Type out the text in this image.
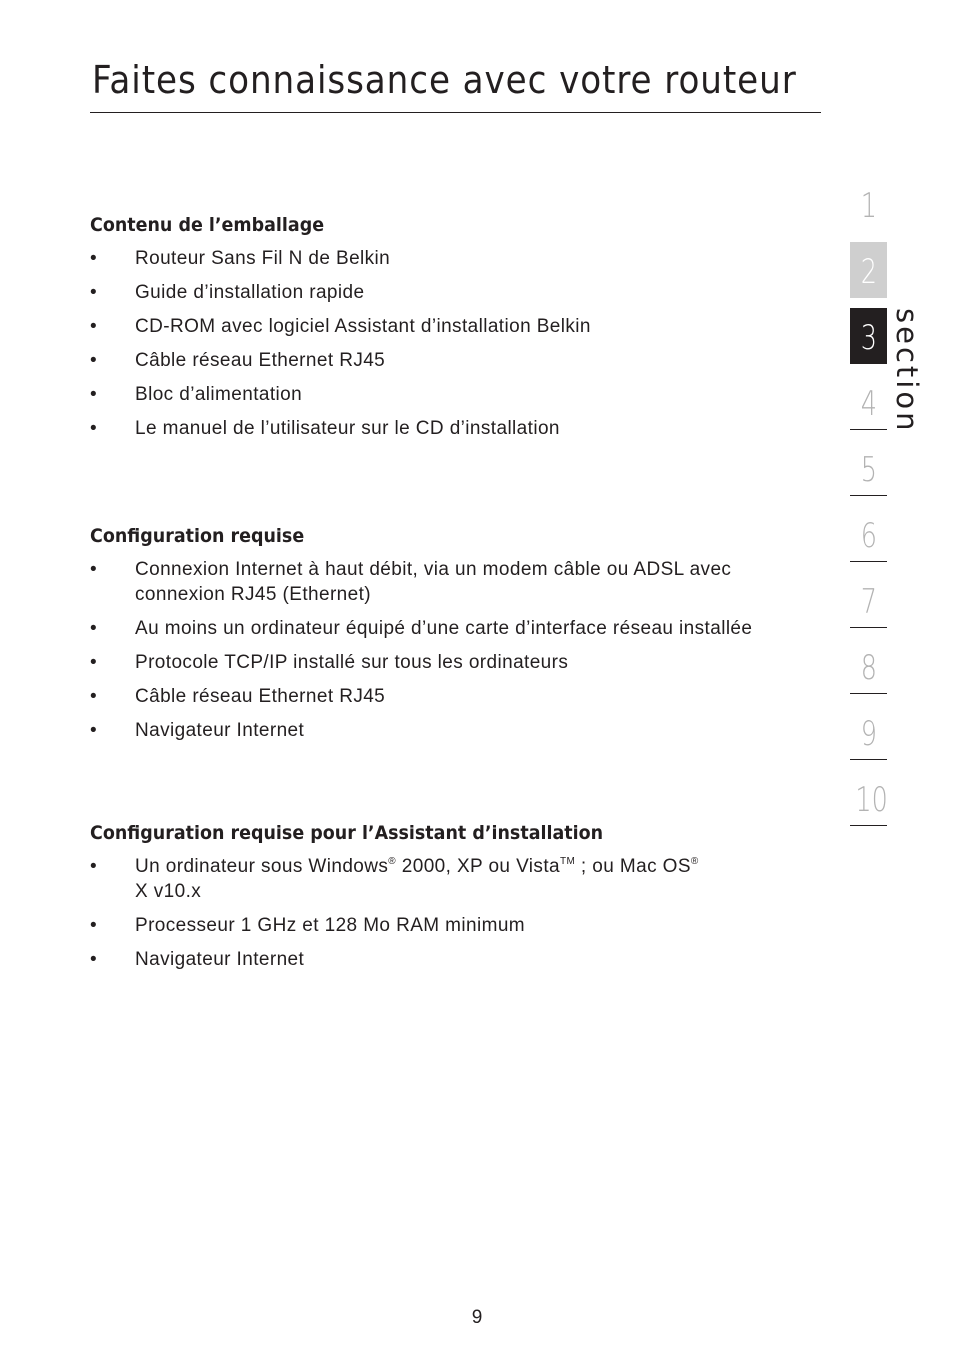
Faites connaissance avec votre routeur
Contenu de l’emballage
• Routeur Sans Fil N de Belkin
• Guide d’installation rapide
• CD-ROM avec logiciel Assistant d’installation Belkin
• Câble réseau Ethernet RJ45
• Bloc d’alimentation
• Le manuel de l’utilisateur sur le CD d’installation
Configuration requise
• Connexion Internet à haut débit, via un modem câble ou ADSL avec connexion RJ45 (Ethernet)
• Au moins un ordinateur équipé d’une carte d’interface réseau installée
• Protocole TCP/IP installé sur tous les ordinateurs
• Câble réseau Ethernet RJ45
• Navigateur Internet
Configuration requise pour l’Assistant d’installation
• Un ordinateur sous Windows® 2000, XP ou Vista™ ; ou Mac OS®
X v10.x
• Processeur 1 GHz et 128 Mo RAM minimum
• Navigateur Internet
1
2
3
4
5
6
7
8
9
10
section
9
